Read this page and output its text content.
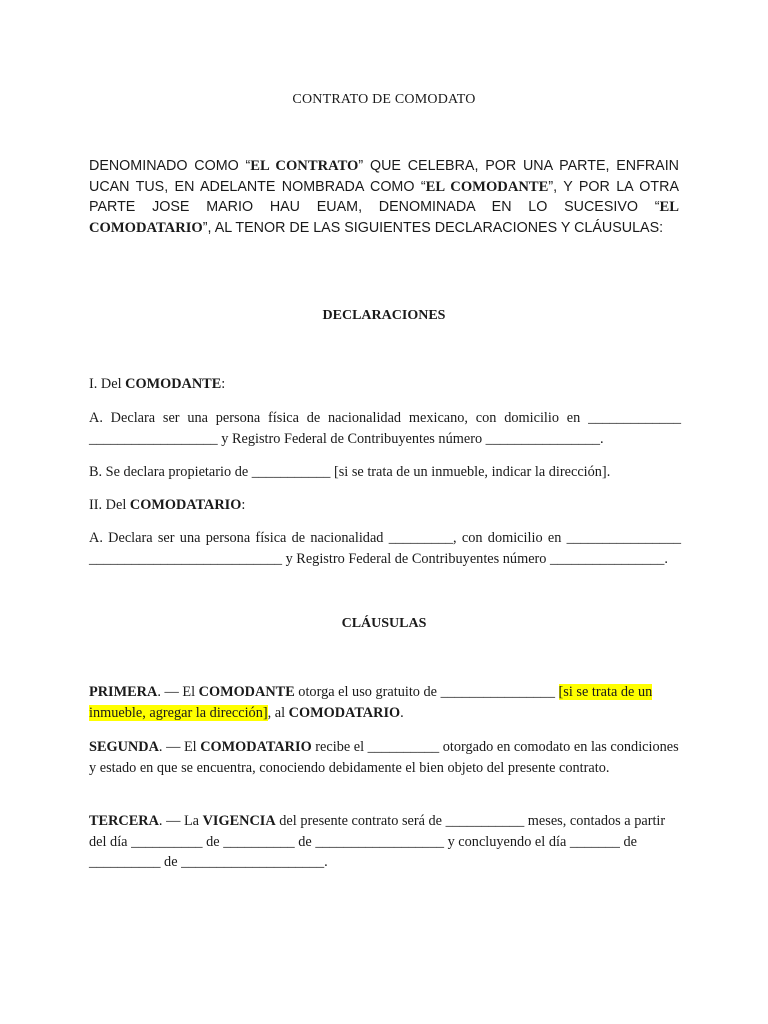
CONTRATO DE COMODATO
DENOMINADO COMO “EL CONTRATO” QUE CELEBRA, POR UNA PARTE, ENFRAIN UCAN TUS, EN ADELANTE NOMBRADA COMO “EL COMODANTE”, Y POR LA OTRA PARTE JOSE MARIO HAU EUAM, DENOMINADA EN LO SUCESIVO “EL COMODATARIO”, AL TENOR DE LAS SIGUIENTES DECLARACIONES Y CLÁUSULAS:
DECLARACIONES
I. Del COMODANTE:
A. Declara ser una persona física de nacionalidad mexicano, con domicilio en _____________ __________________ y Registro Federal de Contribuyentes número ________________.
B. Se declara propietario de ___________ [si se trata de un inmueble, indicar la dirección].
II. Del COMODATARIO:
A. Declara ser una persona física de nacionalidad _________, con domicilio en ________________ ___________________________ y Registro Federal de Contribuyentes número ________________.
CLÁUSULAS
PRIMERA. — El COMODANTE otorga el uso gratuito de ________________ [si se trata de un inmueble, agregar la dirección], al COMODATARIO.
SEGUNDA. — El COMODATARIO recibe el __________ otorgado en comodato en las condiciones y estado en que se encuentra, conociendo debidamente el bien objeto del presente contrato.
TERCERA. — La VIGENCIA del presente contrato será de ___________ meses, contados a partir del día __________ de __________ de __________________ y concluyendo el día _______ de __________ de ____________________.
